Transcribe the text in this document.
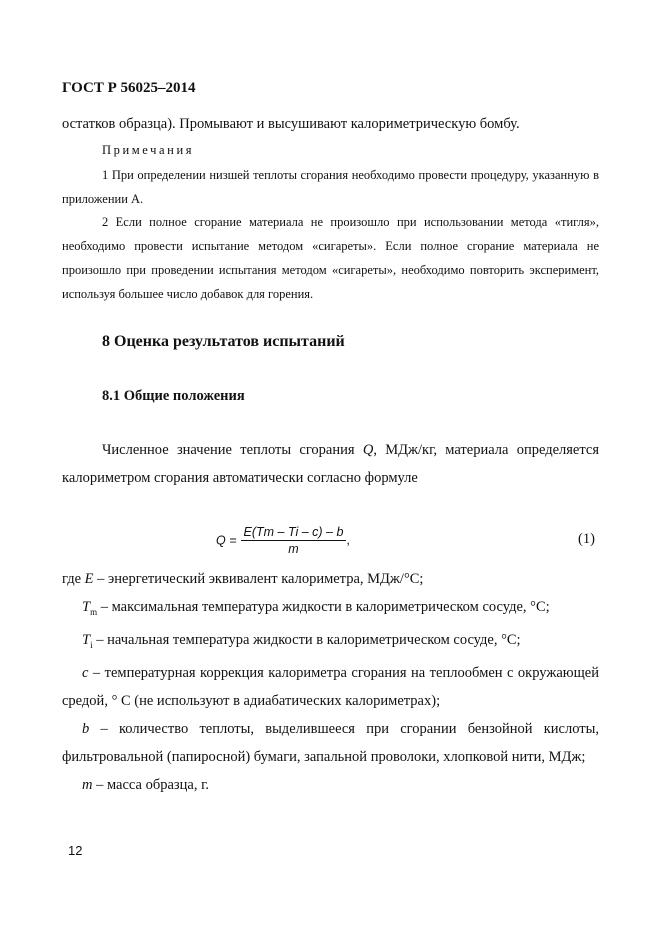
ГОСТ Р 56025–2014
остатков образца). Промывают и высушивают калориметрическую бомбу.
Примечания

1 При определении низшей теплоты сгорания необходимо провести процедуру, указанную в приложении А.

2 Если полное сгорание материала не произошло при использовании метода «тигля», необходимо провести испытание методом «сигареты». Если полное сгорание материала не произошло при проведении испытания методом «сигареты», необходимо повторить эксперимент, используя большее число добавок для горения.

8 Оценка результатов испытаний
8.1 Общие положения

Численное значение теплоты сгорания Q, МДж/кг, материала определяется калориметром сгорания автоматически согласно формуле

$Q = \frac{E(Tm - Ti - c) - b}{m}$ ,	(1)

где E – энергетический эквивалент калориметра, МДж/°С;

$T_m$ – максимальная температура жидкости в калориметрическом сосуде, °С;

$T_i$ – начальная температура жидкости в калориметрическом сосуде, °С;

c – температурная коррекция калориметра сгорания на теплообмен с окружающей средой, ° С (не используют в адиабатических калориметрах);

b – количество теплоты, выделившееся при сгорании бензойной кислоты, фильтровальной (папиросной) бумаги, запальной проволоки, хлопковой нити, МДж;

m – масса образца, г.

12
